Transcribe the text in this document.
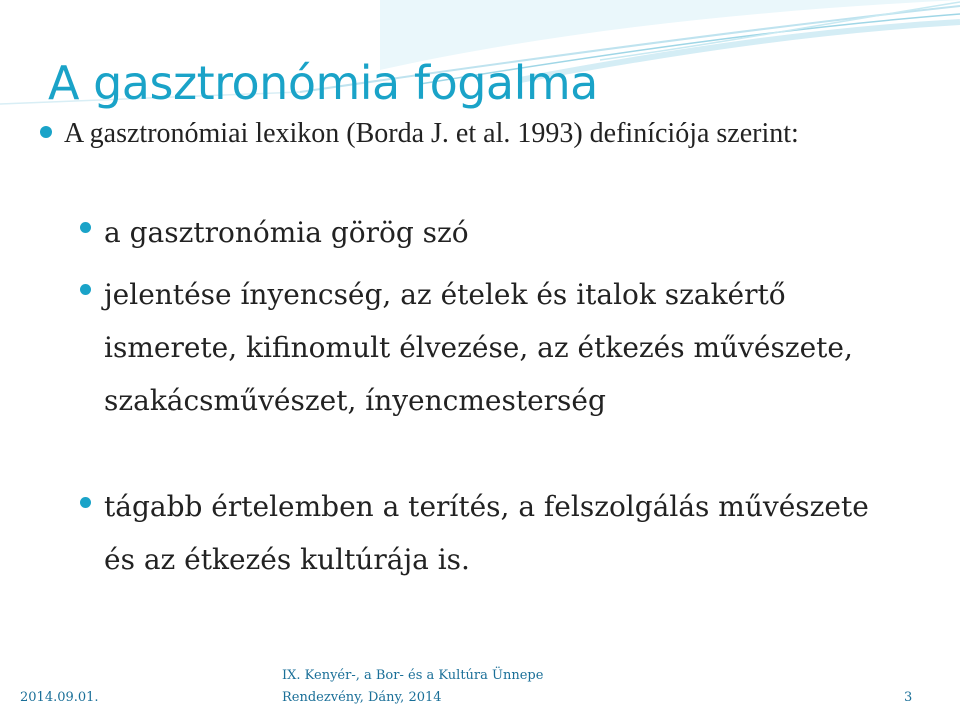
A gasztronómia fogalma
A gasztronómiai lexikon (Borda J. et al. 1993) definíciója szerint:
a gasztronómia görög szó
jelentése ínyencség, az ételek és italok szakértő ismerete, kifinomult élvezése, az étkezés művészete, szakácsművészet, ínyencmesterség
tágabb értelemben a terítés, a felszolgálás művészete és az étkezés kultúrája is.
2014.09.01.
IX. Kenyér-, a Bor- és a Kultúra Ünnepe
Rendezvény, Dány, 2014	3
